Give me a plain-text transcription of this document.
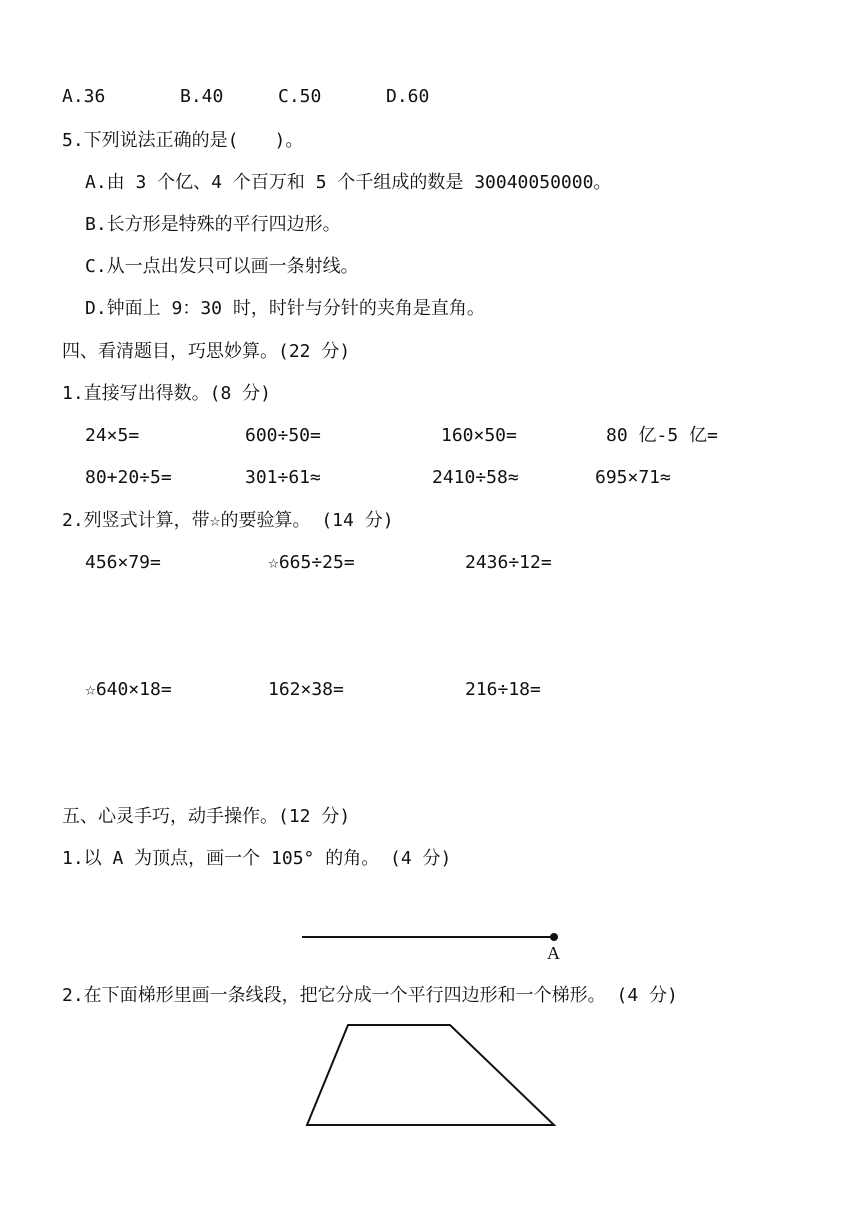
A.36	B.40	C.50	D.60
5.下列说法正确的是(　　)。
A.由 3 个亿、4 个百万和 5 个千组成的数是 30040050000。
B.长方形是特殊的平行四边形。
C.从一点出发只可以画一条射线。
D.钟面上 9：30 时，时针与分针的夹角是直角。
四、看清题目，巧思妙算。(22 分)
1.直接写出得数。(8 分)
24×5=	600÷50=	160×50=	80 亿-5 亿=
80+20÷5=	301÷61≈	2410÷58≈	695×71≈
2.列竖式计算，带☆的要验算。 (14 分)
456×79=	☆665÷25=	2436÷12=
☆640×18=	162×38=	216÷18=
五、心灵手巧，动手操作。(12 分)
1.以 A 为顶点，画一个 105° 的角。 (4 分)
A
2.在下面梯形里画一条线段，把它分成一个平行四边形和一个梯形。 (4 分)
